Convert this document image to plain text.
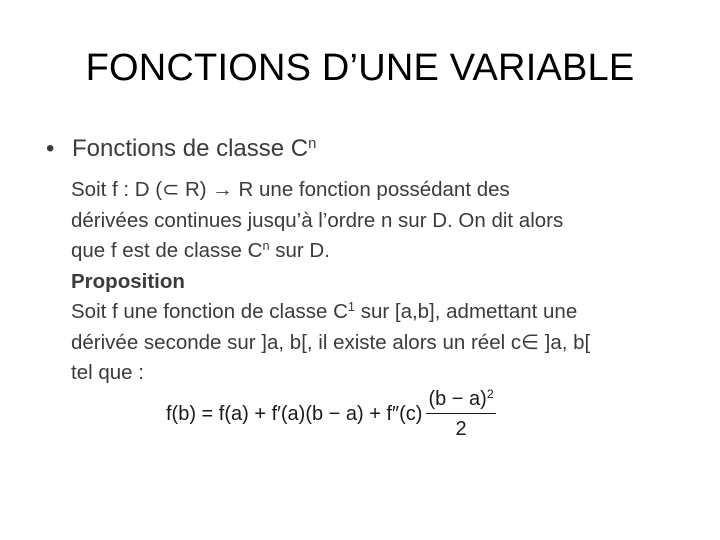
FONCTIONS D’UNE VARIABLE
• Fonctions de classe $C^n$

Soit f : D (⊂ R) → R une fonction possédant des

dérivées continues jusqu’à l’ordre n sur D. On dit alors

que f est de classe $C^n$ sur D.

Proposition

Soit f une fonction de classe $C^1$ sur [a,b], admettant une

dérivée seconde sur ]a, b[, il existe alors un réel c∈ ]a, b[

tel que :

$f(b) = f(a) + f'(a)(b - a) + f''(c) \frac{(b - a)^2}{2}$
